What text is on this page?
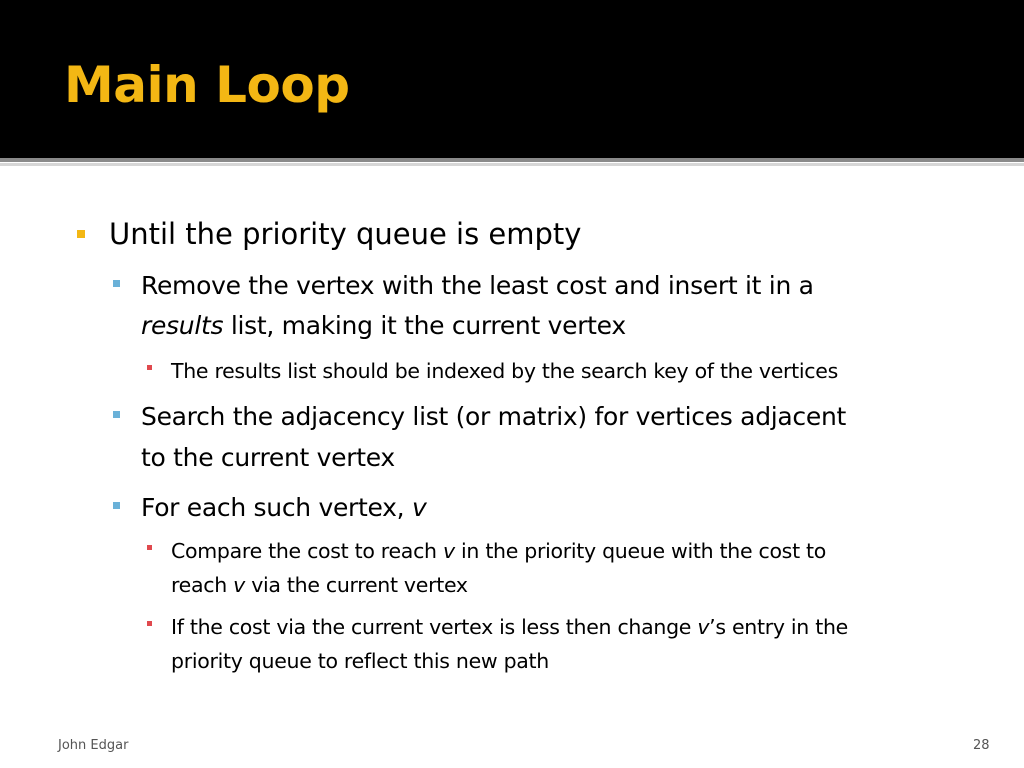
Main Loop
Until the priority queue is empty
Remove the vertex with the least cost and insert it in a
results list, making it the current vertex
The results list should be indexed by the search key of the vertices
Search the adjacency list (or matrix) for vertices adjacent
to the current vertex
For each such vertex, v
Compare the cost to reach v in the priority queue with the cost to
reach v via the current vertex
If the cost via the current vertex is less then change v’s entry in the
priority queue to reflect this new path
John Edgar	28
